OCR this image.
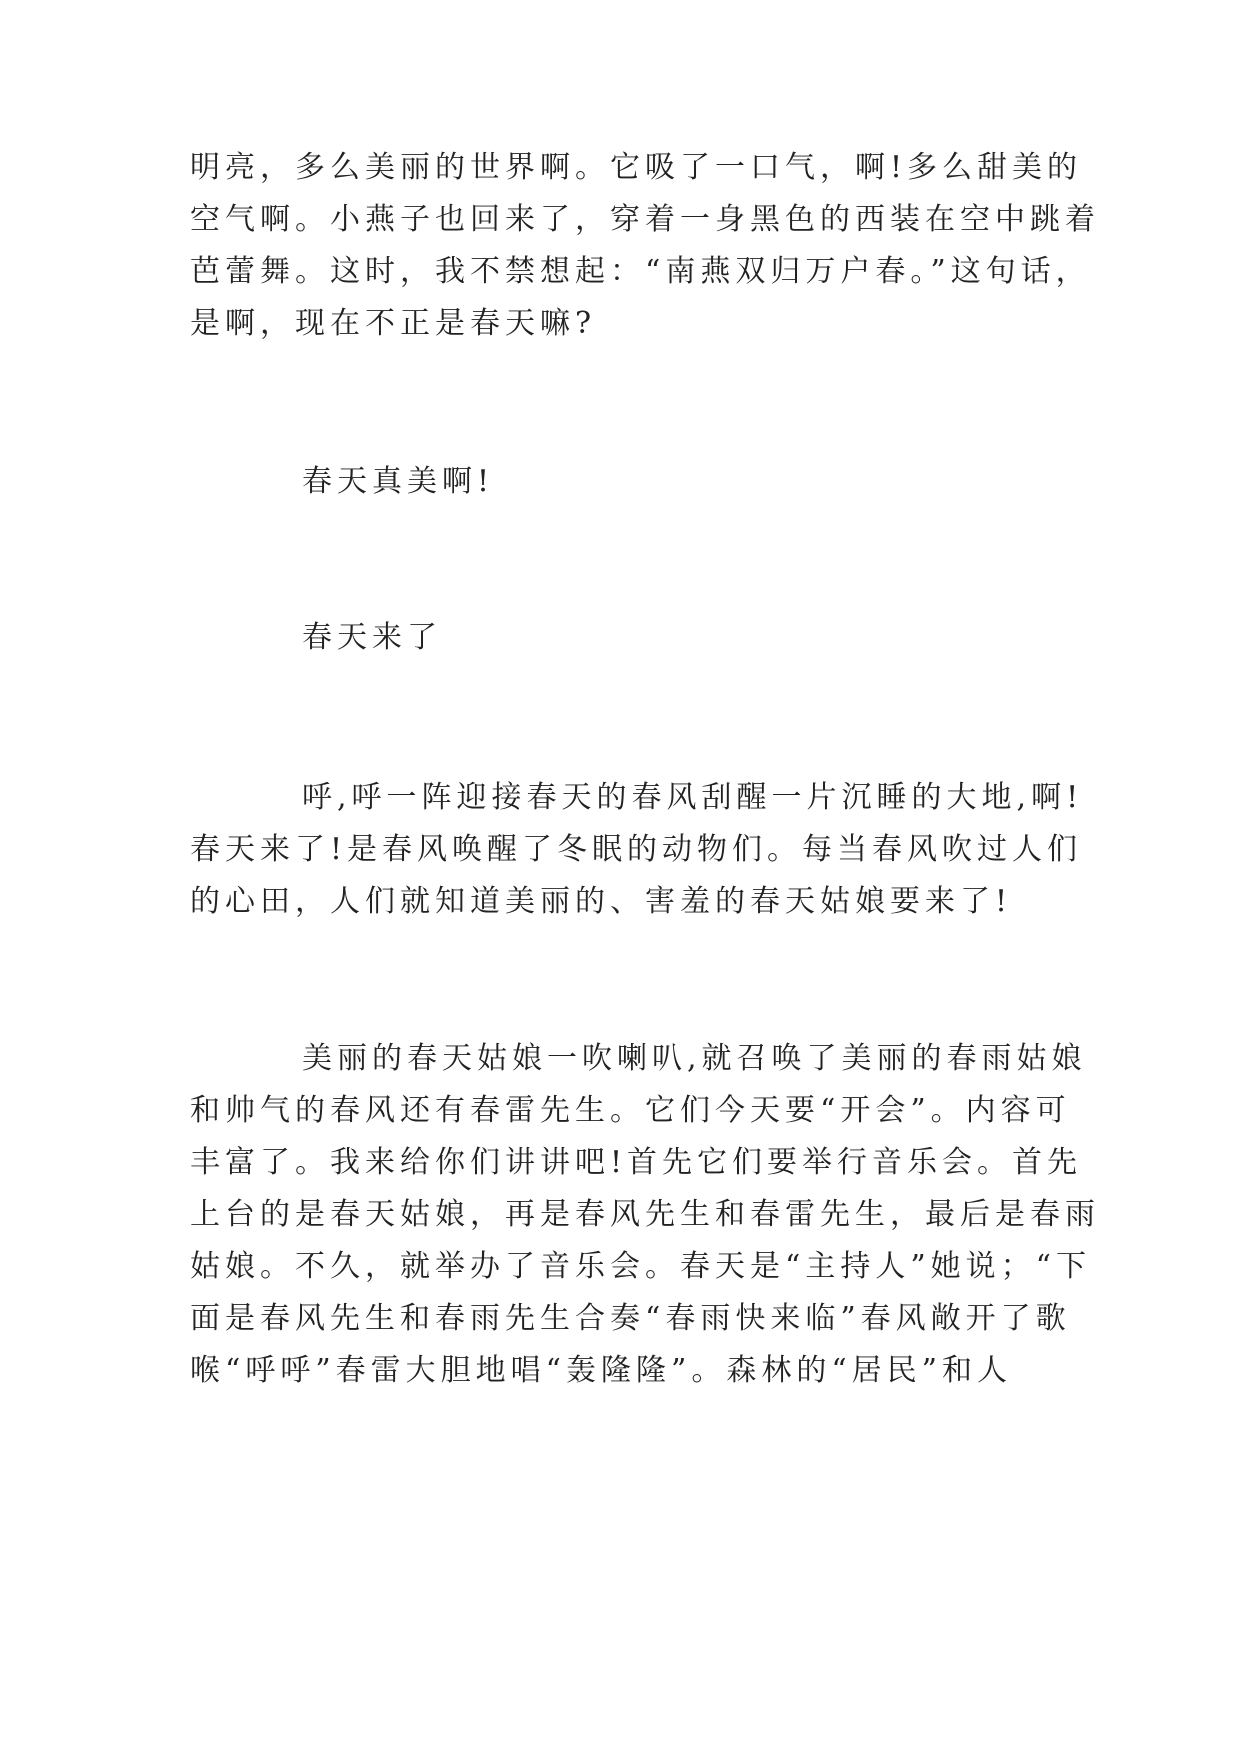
明亮，多么美丽的世界啊。它吸了一口气，啊!多么甜美的
空气啊。小燕子也回来了，穿着一身黑色的西装在空中跳着
芭蕾舞。这时，我不禁想起：“南燕双归万户春。”这句话，
是啊，现在不正是春天嘛?
春天真美啊!
春天来了
呼,呼一阵迎接春天的春风刮醒一片沉睡的大地,啊!
春天来了!是春风唤醒了冬眠的动物们。每当春风吹过人们
的心田，人们就知道美丽的、害羞的春天姑娘要来了!
美丽的春天姑娘一吹喇叭,就召唤了美丽的春雨姑娘
和帅气的春风还有春雷先生。它们今天要“开会”。内容可
丰富了。我来给你们讲讲吧!首先它们要举行音乐会。首先
上台的是春天姑娘，再是春风先生和春雷先生，最后是春雨
姑娘。不久，就举办了音乐会。春天是“主持人”她说；“下
面是春风先生和春雨先生合奏“春雨快来临”春风敞开了歌
喉“呼呼”春雷大胆地唱“轰隆隆”。森林的“居民”和人
